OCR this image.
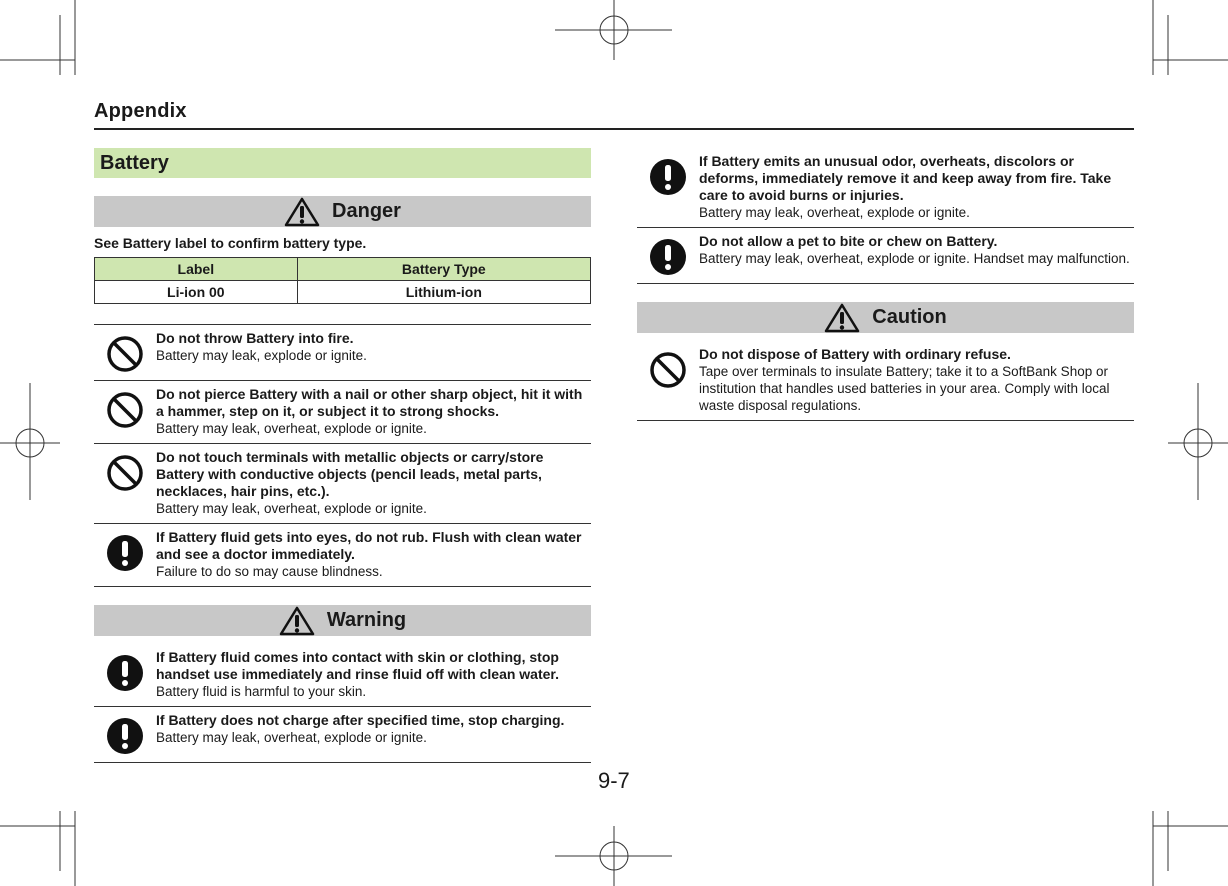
Appendix
Battery
Danger
See Battery label to confirm battery type.
Label	Battery Type
Li-ion 00	Lithium-ion
Do not throw Battery into fire.
Battery may leak, explode or ignite.
Do not pierce Battery with a nail or other sharp object, hit it with a hammer, step on it, or subject it to strong shocks.
Battery may leak, overheat, explode or ignite.
Do not touch terminals with metallic objects or carry/store Battery with conductive objects (pencil leads, metal parts, necklaces, hair pins, etc.).
Battery may leak, overheat, explode or ignite.
If Battery fluid gets into eyes, do not rub. Flush with clean water and see a doctor immediately.
Failure to do so may cause blindness.
Warning
If Battery fluid comes into contact with skin or clothing, stop handset use immediately and rinse fluid off with clean water.
Battery fluid is harmful to your skin.
If Battery does not charge after specified time, stop charging.
Battery may leak, overheat, explode or ignite.
If Battery emits an unusual odor, overheats, discolors or deforms, immediately remove it and keep away from fire. Take care to avoid burns or injuries.
Battery may leak, overheat, explode or ignite.
Do not allow a pet to bite or chew on Battery.
Battery may leak, overheat, explode or ignite. Handset may malfunction.
Caution
Do not dispose of Battery with ordinary refuse.
Tape over terminals to insulate Battery; take it to a SoftBank Shop or institution that handles used batteries in your area. Comply with local waste disposal regulations.
9-7
